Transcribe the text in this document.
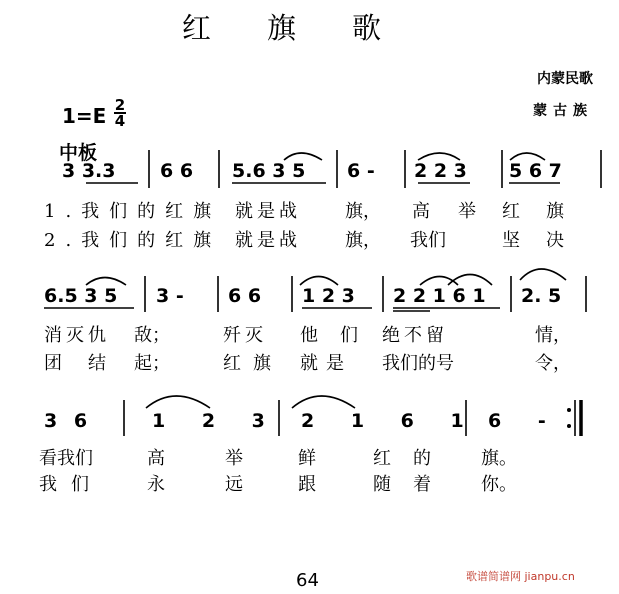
红旗歌
内蒙民歌
蒙古族
1=E 2
4
中板
3 3.3 6 6 5.6 3 5 6 - 2 2 3 5 6 7
1.我们的红旗 就是战 旗， 高举
红旗
2.我们的红旗 就是战 旗， 我们	坚决
6.5 3 5 3 - 6 6 1 2 3 2 2 1 6 1 2. 5
消灭仇 敌；	歼灭 他们 绝不留	情，
团结 起；	红旗 就是 我们的号	令，
3 6	1 2 3 2 1 6 1 6 -
看我们	高	举	鲜	红的 旗。
我们 永	远	跟	随着 你。
64	歌谱简谱网 jianpu.cn
